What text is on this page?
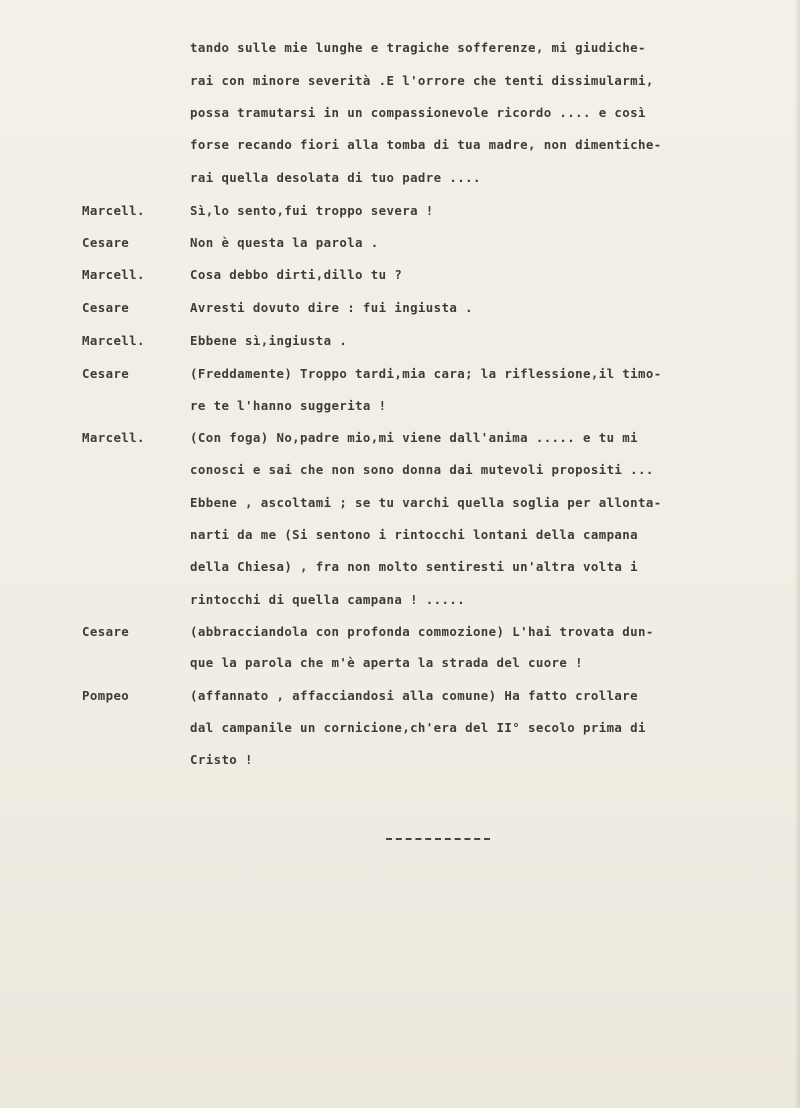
tando sulle mie lunghe e tragiche sofferenze, mi giudiche-
rai con minore severità .E l'orrore che tenti dissimularmi,
possa tramutarsi in un compassionevole ricordo .... e così
forse recando fiori alla tomba di tua madre, non dimentiche-
rai quella desolata di tuo padre ....
Marcell.	Sì,lo sento,fui troppo severa !
Cesare	Non è questa la parola .
Marcell.	Cosa debbo dirti,dillo tu ?
Cesare	Avresti dovuto dire : fui ingiusta .
Marcell.	Ebbene sì,ingiusta .
Cesare	(Freddamente) Troppo tardi,mia cara; la riflessione,il timo-
re te l'hanno suggerita !
Marcell.	(Con foga) No,padre mio,mi viene dall'anima ..... e tu mi
conosci e sai che non sono donna dai mutevoli propositi ...
Ebbene , ascoltami ; se tu varchi quella soglia per allonta-
narti da me (Si sentono i rintocchi lontani della campana
della Chiesa) , fra non molto sentiresti un'altra volta i
rintocchi di quella campana ! .....
Cesare	(abbracciandola con profonda commozione) L'hai trovata dun-
que la parola che m'è aperta la strada del cuore !
Pompeo	(affannato , affacciandosi alla comune) Ha fatto crollare
dal campanile un cornicione,ch'era del II° secolo prima di
Cristo !
